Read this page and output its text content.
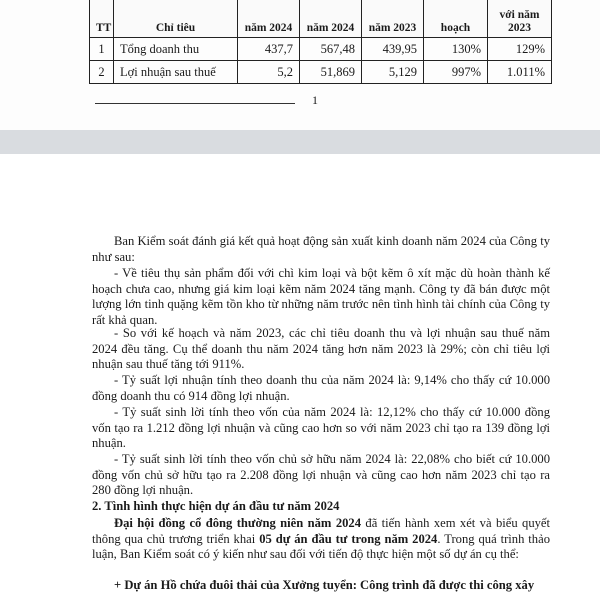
TT	Chỉ tiêu	năm 2024	năm 2024	năm 2023	hoạch	với năm 2023
1	Tổng doanh thu	437,7	567,48	439,95	130%	129%
2	Lợi nhuận sau thuế	5,2	51,869	5,129	997%	1.011%
1

Ban Kiểm soát đánh giá kết quả hoạt động sản xuất kinh doanh năm 2024 của Công ty như sau:

- Về tiêu thụ sản phẩm đối với chì kim loại và bột kẽm ô xít mặc dù hoàn thành kế hoạch chưa cao, nhưng giá kim loại kẽm năm 2024 tăng mạnh. Công ty đã bán được một lượng lớn tinh quặng kẽm tồn kho từ những năm trước nên tình hình tài chính của Công ty rất khả quan.

- So với kế hoạch và năm 2023, các chỉ tiêu doanh thu và lợi nhuận sau thuế năm 2024 đều tăng. Cụ thể doanh thu năm 2024 tăng hơn năm 2023 là 29%; còn chỉ tiêu lợi nhuận sau thuế tăng tới 911%.

- Tỷ suất lợi nhuận tính theo doanh thu của năm 2024 là: 9,14% cho thấy cứ 10.000 đồng doanh thu có 914 đồng lợi nhuận.

- Tỷ suất sinh lời tính theo vốn của năm 2024 là: 12,12% cho thấy cứ 10.000 đồng vốn tạo ra 1.212 đồng lợi nhuận và cũng cao hơn so với năm 2023 chỉ tạo ra 139 đồng lợi nhuận.

- Tỷ suất sinh lời tính theo vốn chủ sở hữu năm 2024 là: 22,08% cho biết cứ 10.000 đồng vốn chủ sở hữu tạo ra 2.208 đồng lợi nhuận và cũng cao hơn năm 2023 chỉ tạo ra 280 đồng lợi nhuận.

2. Tình hình thực hiện dự án đầu tư năm 2024

Đại hội đồng cổ đông thường niên năm 2024 đã tiến hành xem xét và biểu quyết thông qua chủ trương triển khai 05 dự án đầu tư trong năm 2024. Trong quá trình thảo luận, Ban Kiểm soát có ý kiến như sau đối với tiến độ thực hiện một số dự án cụ thể:

+ Dự án Hồ chứa đuôi thải của Xưởng tuyển: Công trình đã được thi công xây
